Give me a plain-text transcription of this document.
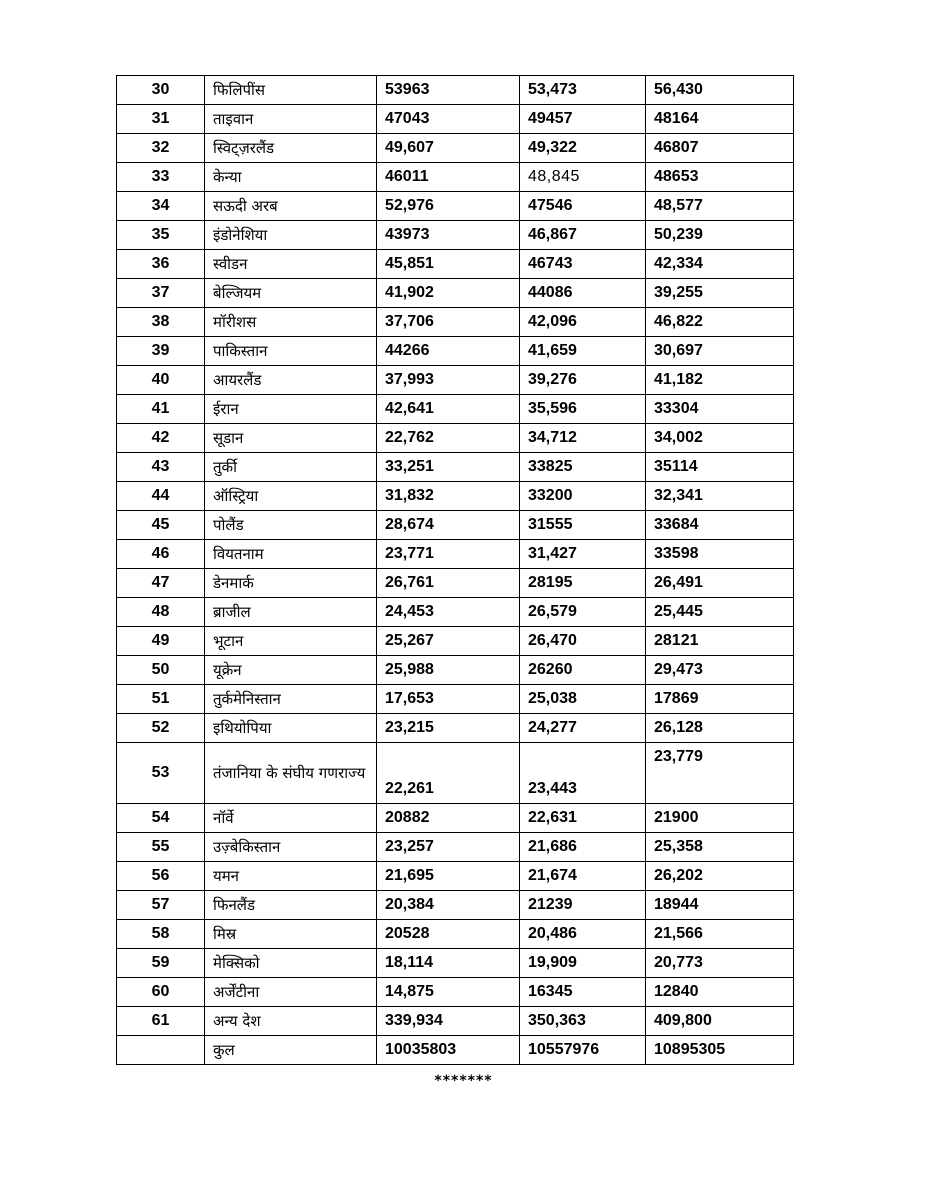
30	फिलिपींस	53963	53,473	56,430
31	ताइवान	47043	49457	48164
32	स्विट्ज़रलैंड	49,607	49,322	46807
33	केन्या	46011	48,845	48653
34	सऊदी अरब	52,976	47546	48,577
35	इंडोनेशिया	43973	46,867	50,239
36	स्वीडन	45,851	46743	42,334
37	बेल्जियम	41,902	44086	39,255
38	मॉरीशस	37,706	42,096	46,822
39	पाकिस्तान	44266	41,659	30,697
40	आयरलैंड	37,993	39,276	41,182
41	ईरान	42,641	35,596	33304
42	सूडान	22,762	34,712	34,002
43	तुर्की	33,251	33825	35114
44	ऑस्ट्रिया	31,832	33200	32,341
45	पोलैंड	28,674	31555	33684
46	वियतनाम	23,771	31,427	33598
47	डेनमार्क	26,761	28195	26,491
48	ब्राजील	24,453	26,579	25,445
49	भूटान	25,267	26,470	28121
50	यूक्रेन	25,988	26260	29,473
51	तुर्कमेनिस्तान	17,653	25,038	17869
52	इथियोपिया	23,215	24,277	26,128
53	तंजानिया के संघीय गणराज्य	22,261	23,443	23,779
54	नॉर्वे	20882	22,631	21900
55	उज़्बेकिस्तान	23,257	21,686	25,358
56	यमन	21,695	21,674	26,202
57	फिनलैंड	20,384	21239	18944
58	मिस्र	20528	20,486	21,566
59	मेक्सिको	18,114	19,909	20,773
60	अर्जेंटीना	14,875	16345	12840
61	अन्य देश	339,934	350,363	409,800
	कुल	10035803	10557976	10895305
*******
